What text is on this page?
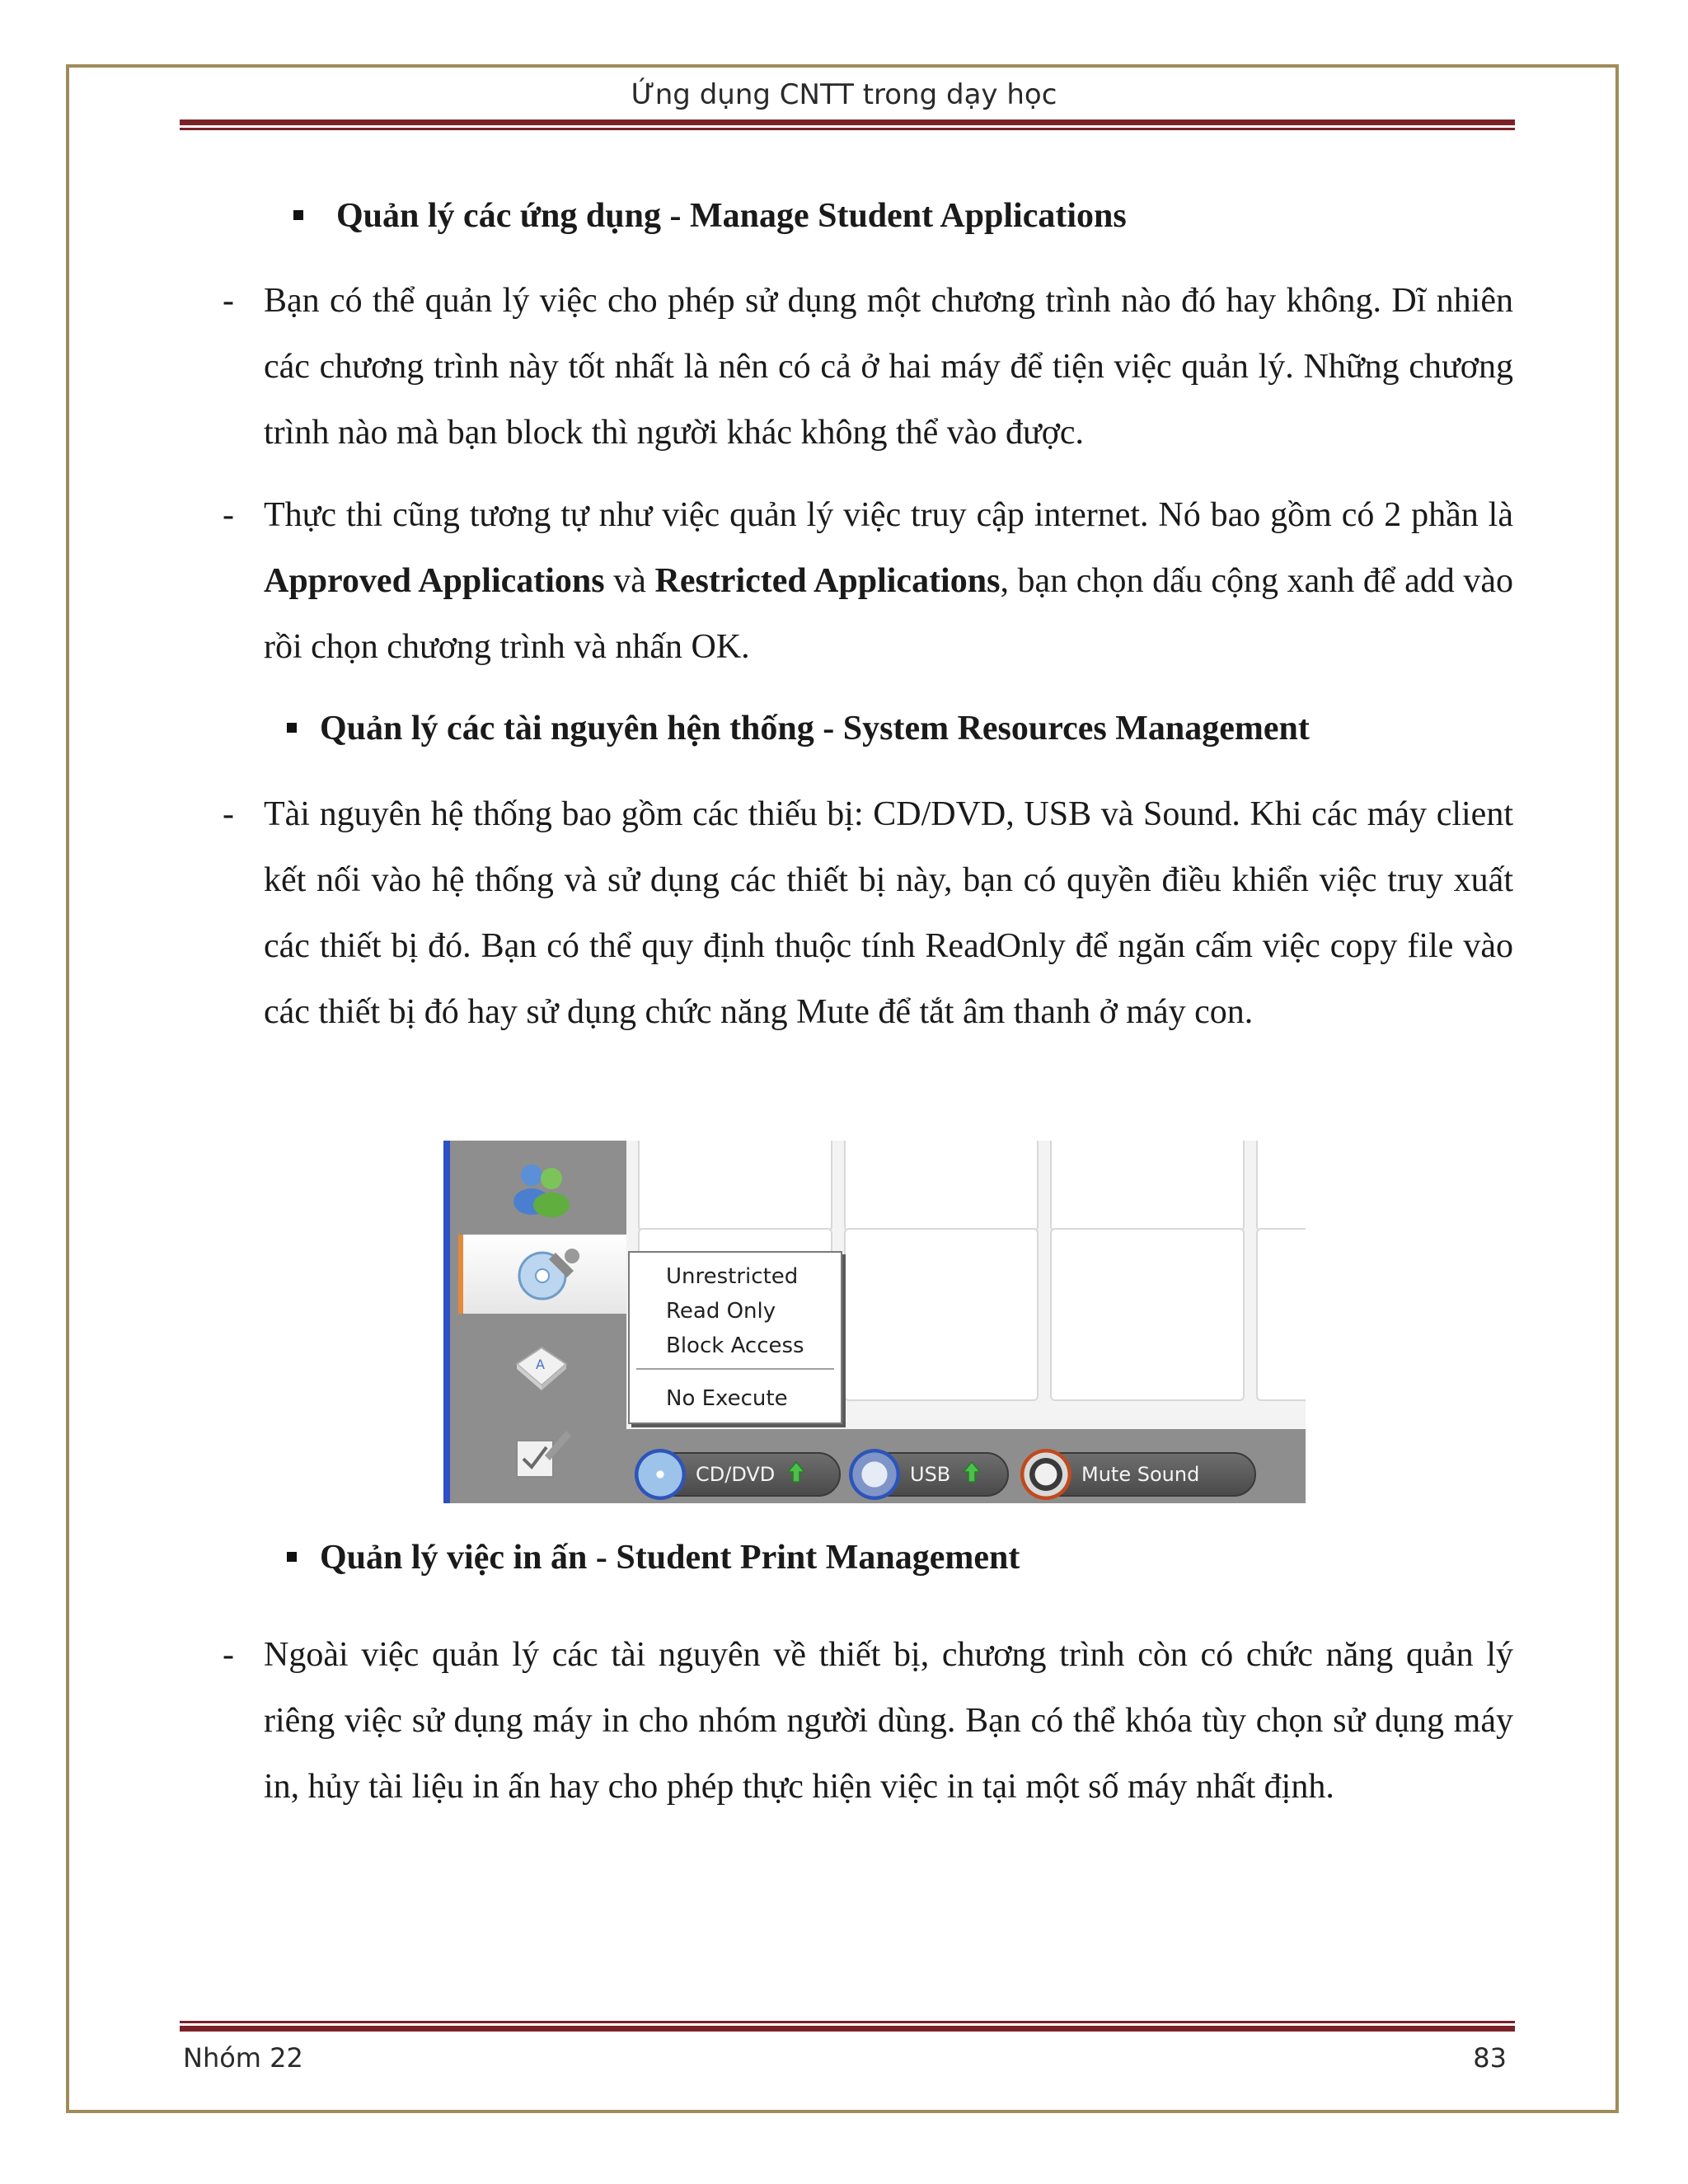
Ứng dụng CNTT trong dạy học
Quản lý các ứng dụng - Manage Student Applications
- Bạn có thể quản lý việc cho phép sử dụng một chương trình nào đó hay không. Dĩ nhiên các chương trình này tốt nhất là nên có cả ở hai máy để tiện việc quản lý. Những chương trình nào mà bạn block thì người khác không thể vào được.
- Thực thi cũng tương tự như việc quản lý việc truy cập internet. Nó bao gồm có 2 phần là Approved Applications và Restricted Applications, bạn chọn dấu cộng xanh để add vào rồi chọn chương trình và nhấn OK.
Quản lý các tài nguyên hện thống - System Resources Management
- Tài nguyên hệ thống bao gồm các thiếu bị: CD/DVD, USB và Sound. Khi các máy client kết nối vào hệ thống và sử dụng các thiết bị này, bạn có quyền điều khiển việc truy xuất các thiết bị đó. Bạn có thể quy định thuộc tính ReadOnly để ngăn cấm việc copy file vào các thiết bị đó hay sử dụng chức năng Mute để tắt âm thanh ở máy con.
A
CD/DVD	USB	Mute Sound
Unrestricted
Read Only
Block Access
No Execute
Quản lý việc in ấn - Student Print Management
- Ngoài việc quản lý các tài nguyên về thiết bị, chương trình còn có chức năng quản lý riêng việc sử dụng máy in cho nhóm người dùng. Bạn có thể khóa tùy chọn sử dụng máy in, hủy tài liệu in ấn hay cho phép thực hiện việc in tại một số máy nhất định.
Nhóm 22	83
